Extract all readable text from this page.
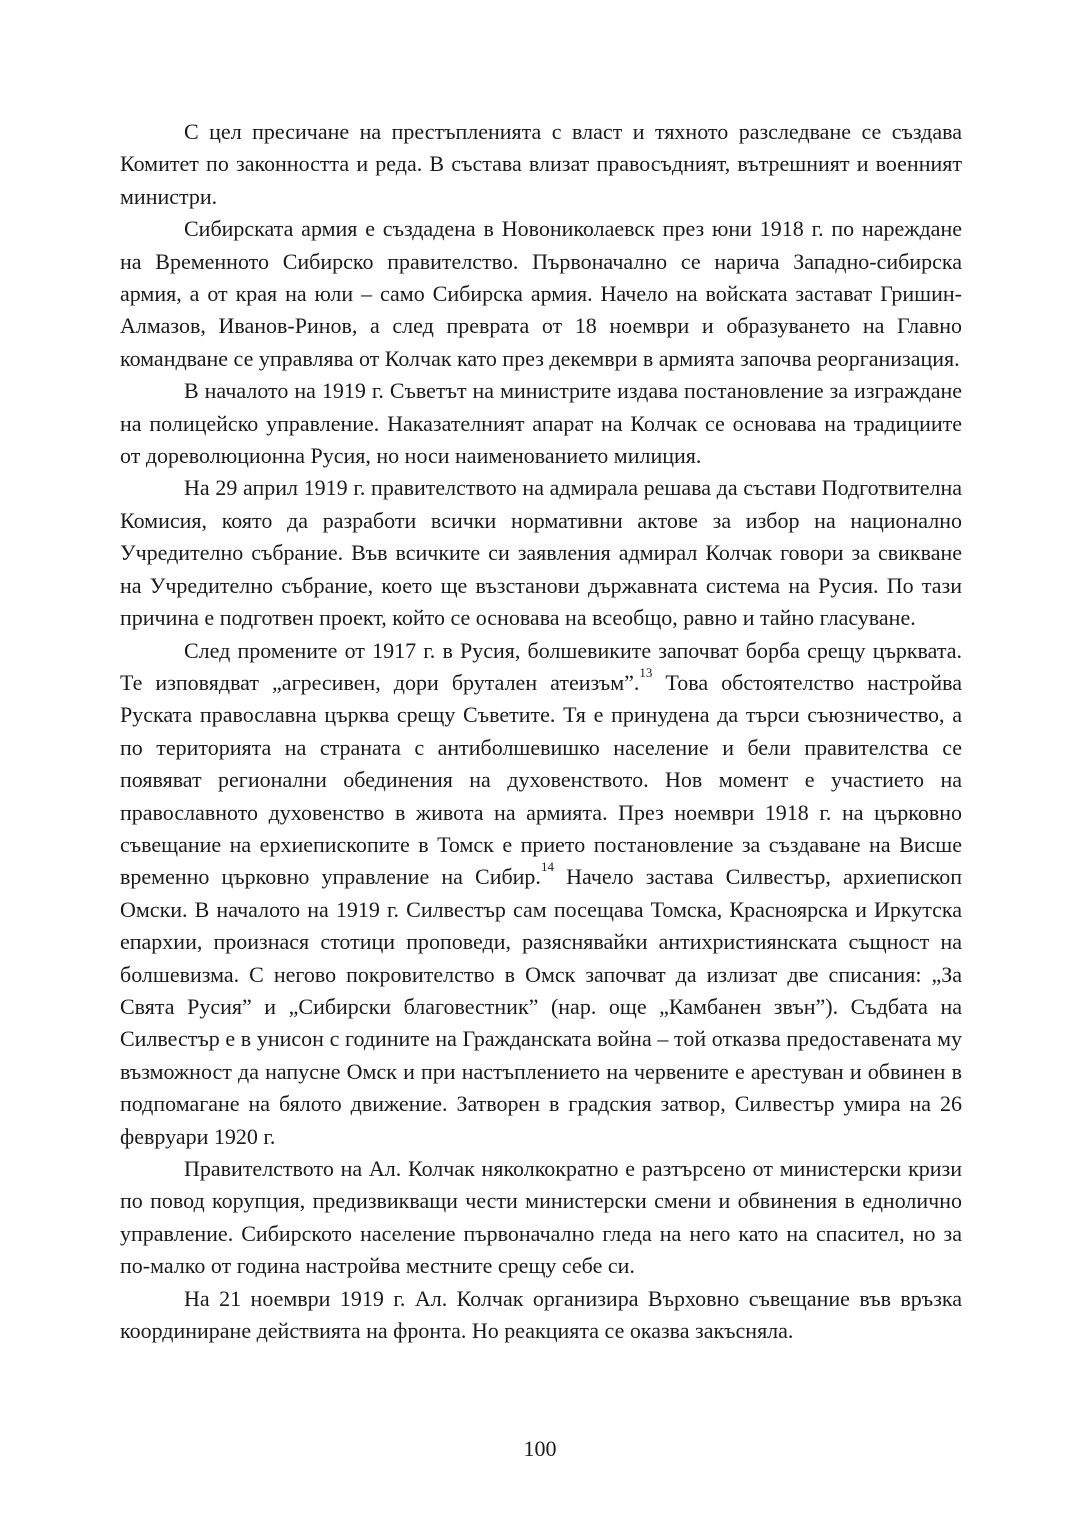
С цел пресичане на престъпленията с власт и тяхното разследване се създава Комитет по законността и реда. В състава влизат правосъдният, вътрешният и военният министри.

Сибирската армия е създадена в Новониколаевск през юни 1918 г. по нареждане на Временното Сибирско правителство. Първоначално се нарича Западно-сибирска армия, а от края на юли – само Сибирска армия. Начело на войската застават Гришин-Алмазов, Иванов-Ринов, а след преврата от 18 ноември и образуването на Главно командване се управлява от Колчак като през декември в армията започва реорганизация.

В началото на 1919 г. Съветът на министрите издава постановление за изграждане на полицейско управление. Наказателният апарат на Колчак се основава на традициите от дореволюционна Русия, но носи наименованието милиция.

На 29 април 1919 г. правителството на адмирала решава да състави Подготвителна Комисия, която да разработи всички нормативни актове за избор на национално Учредително събрание. Във всичките си заявления адмирал Колчак говори за свикване на Учредително събрание, което ще възстанови държавната система на Русия. По тази причина е подготвен проект, който се основава на всеобщо, равно и тайно гласуване.

След промените от 1917 г. в Русия, болшевиките започват борба срещу църквата. Те изповядват „агресивен, дори брутален атеизъм”.$^{13}$ Това обстоятелство настройва Руската православна църква срещу Съветите. Тя е принудена да търси съюзничество, а по територията на страната с антиболшевишко население и бели правителства се появяват регионални обединения на духовенството. Нов момент е участието на православното духовенство в живота на армията. През ноември 1918 г. на църковно съвещание на ерхиепископите в Томск е прието постановление за създаване на Висше временно църковно управление на Сибир.$^{14}$ Начело застава Силвестър, архиепископ Омски. В началото на 1919 г. Силвестър сам посещава Томска, Красноярска и Иркутска епархии, произнася стотици проповеди, разяснявайки антихристиянската същност на болшевизма. С негово покровителство в Омск започват да излизат две списания: „За Свята Русия” и „Сибирски благовестник” (нар. още „Камбанен звън”). Съдбата на Силвестър е в унисон с годините на Гражданската война – той отказва предоставената му възможност да напусне Омск и при настъплението на червените е арестуван и обвинен в подпомагане на бялото движение. Затворен в градския затвор, Силвестър умира на 26 февруари 1920 г.

Правителството на Ал. Колчак няколкократно е разтърсено от министерски кризи по повод корупция, предизвикващи чести министерски смени и обвинения в еднолично управление. Сибирското население първоначално гледа на него като на спасител, но за по-малко от година настройва местните срещу себе си.

На 21 ноември 1919 г. Ал. Колчак организира Върховно съвещание във връзка координиране действията на фронта. Но реакцията се оказва закъсняла.

100
